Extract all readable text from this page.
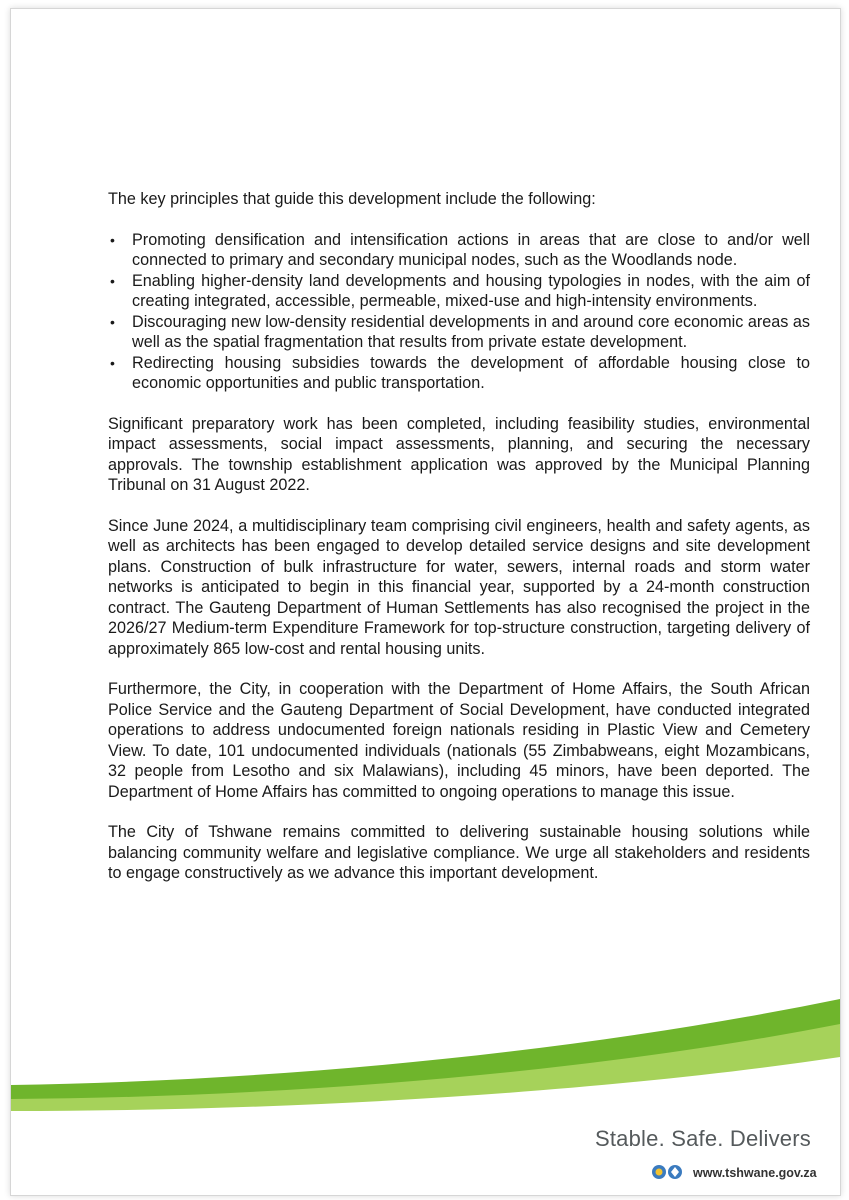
The key principles that guide this development include the following:

• Promoting densification and intensification actions in areas that are close to and/or well connected to primary and secondary municipal nodes, such as the Woodlands node.
• Enabling higher-density land developments and housing typologies in nodes, with the aim of creating integrated, accessible, permeable, mixed-use and high-intensity environments.
• Discouraging new low-density residential developments in and around core economic areas as well as the spatial fragmentation that results from private estate development.
• Redirecting housing subsidies towards the development of affordable housing close to economic opportunities and public transportation.

Significant preparatory work has been completed, including feasibility studies, environmental impact assessments, social impact assessments, planning, and securing the necessary approvals. The township establishment application was approved by the Municipal Planning Tribunal on 31 August 2022.

Since June 2024, a multidisciplinary team comprising civil engineers, health and safety agents, as well as architects has been engaged to develop detailed service designs and site development plans. Construction of bulk infrastructure for water, sewers, internal roads and storm water networks is anticipated to begin in this financial year, supported by a 24-month construction contract. The Gauteng Department of Human Settlements has also recognised the project in the 2026/27 Medium-term Expenditure Framework for top-structure construction, targeting delivery of approximately 865 low-cost and rental housing units.

Furthermore, the City, in cooperation with the Department of Home Affairs, the South African Police Service and the Gauteng Department of Social Development, have conducted integrated operations to address undocumented foreign nationals residing in Plastic View and Cemetery View. To date, 101 undocumented individuals (nationals (55 Zimbabweans, eight Mozambicans, 32 people from Lesotho and six Malawians), including 45 minors, have been deported. The Department of Home Affairs has committed to ongoing operations to manage this issue.

The City of Tshwane remains committed to delivering sustainable housing solutions while balancing community welfare and legislative compliance. We urge all stakeholders and residents to engage constructively as we advance this important development.

Stable. Safe. Delivers
www.tshwane.gov.za
